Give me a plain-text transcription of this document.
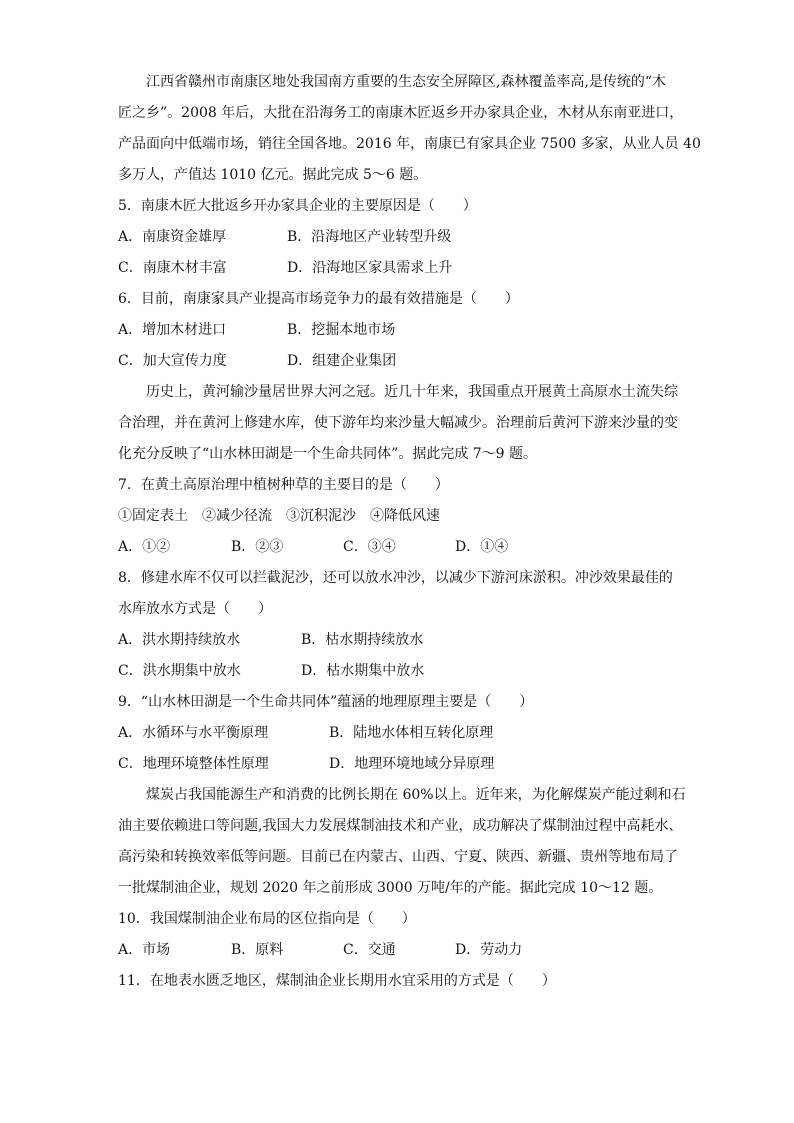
江西省赣州市南康区地处我国南方重要的生态安全屏障区,森林覆盖率高,是传统的“木
匠之乡”。2008 年后，大批在沿海务工的南康木匠返乡开办家具企业，木材从东南亚进口，
产品面向中低端市场，销往全国各地。2016 年，南康已有家具企业 7500 多家，从业人员 40
多万人，产值达 1010 亿元。据此完成 5～6 题。
5．南康木匠大批返乡开办家具企业的主要原因是（　　）
A．南康资金雄厚	B．沿海地区产业转型升级
C．南康木材丰富	D．沿海地区家具需求上升
6．目前，南康家具产业提高市场竞争力的最有效措施是（　　）
A．增加木材进口	B．挖掘本地市场
C．加大宣传力度	D．组建企业集团
历史上，黄河输沙量居世界大河之冠。近几十年来，我国重点开展黄土高原水土流失综
合治理，并在黄河上修建水库，使下游年均来沙量大幅减少。治理前后黄河下游来沙量的变
化充分反映了“山水林田湖是一个生命共同体”。据此完成 7～9 题。
7．在黄土高原治理中植树种草的主要目的是（　　）
①固定表土　②减少径流　③沉积泥沙　④降低风速
A．①②	B．②③	C．③④	D．①④
8．修建水库不仅可以拦截泥沙，还可以放水冲沙，以减少下游河床淤积。冲沙效果最佳的
水库放水方式是（　　）
A．洪水期持续放水	B．枯水期持续放水
C．洪水期集中放水	D．枯水期集中放水
9．“山水林田湖是一个生命共同体”蕴涵的地理原理主要是（　　）
A．水循环与水平衡原理	B．陆地水体相互转化原理
C．地理环境整体性原理	D．地理环境地域分异原理
煤炭占我国能源生产和消费的比例长期在 60%以上。近年来，为化解煤炭产能过剩和石
油主要依赖进口等问题,我国大力发展煤制油技术和产业，成功解决了煤制油过程中高耗水、
高污染和转换效率低等问题。目前已在内蒙古、山西、宁夏、陕西、新疆、贵州等地布局了
一批煤制油企业，规划 2020 年之前形成 3000 万吨/年的产能。据此完成 10～12 题。
10．我国煤制油企业布局的区位指向是（　　）
A．市场	B．原料	C．交通	D．劳动力
11．在地表水匮乏地区，煤制油企业长期用水宜采用的方式是（　　）
